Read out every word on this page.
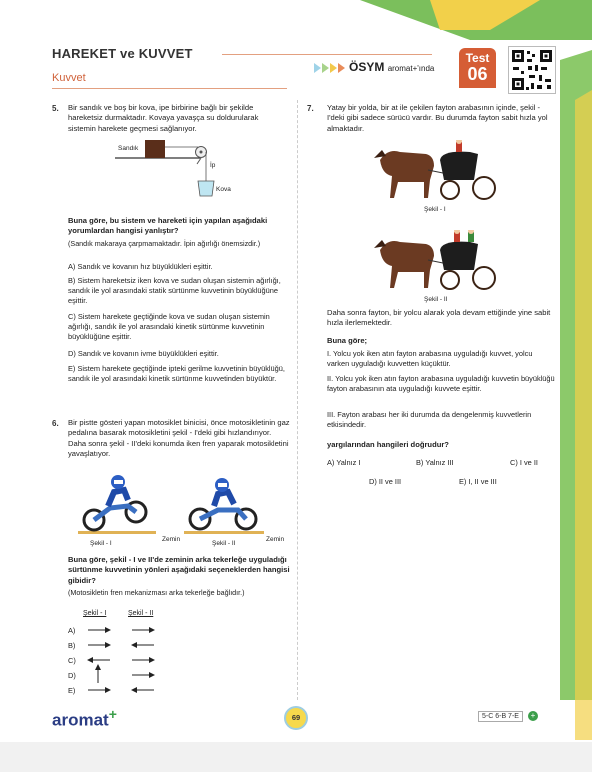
HAREKET ve KUVVET
Kuvvet
ÖSYM aromat+'ında
Test
06
5. Bir sandık ve boş bir kova, ipe birbirine bağlı bir şekilde hareketsiz durmaktadır. Kovaya yavaşça su doldurularak sistemin harekete geçmesi sağlanıyor.
Sandık
İp
Kova
Buna göre, bu sistem ve hareketi için yapılan aşağıdaki yorumlardan hangisi yanlıştır?
(Sandık makaraya çarpmamaktadır. İpin ağırlığı önemsizdir.)
A) Sandık ve kovanın hız büyüklükleri eşittir.
B) Sistem hareketsiz iken kova ve sudan oluşan sistemin ağırlığı, sandık ile yol arasındaki statik sürtünme kuvvetinin büyüklüğüne eşittir.
C) Sistem harekete geçtiğinde kova ve sudan oluşan sistemin ağırlığı, sandık ile yol arasındaki kinetik sürtünme kuvvetinin büyüklüğüne eşittir.
D) Sandık ve kovanın ivme büyüklükleri eşittir.
E) Sistem harekete geçtiğinde ipteki gerilme kuvvetinin büyüklüğü, sandık ile yol arasındaki kinetik sürtünme kuvvetinden büyüktür.
6. Bir pistte gösteri yapan motosiklet binicisi, önce motosikletinin gaz pedalına basarak motosikletini şekil - I'deki gibi hızlandırıyor. Daha sonra şekil - II'deki konumda iken fren yaparak motosikletini yavaşlatıyor.
Şekil - I
Zemin
Şekil - II
Zemin
Buna göre, şekil - I ve II'de zeminin arka tekerleğe uyguladığı sürtünme kuvvetinin yönleri aşağıdaki seçeneklerden hangisi gibidir?
(Motosikletin fren mekanizması arka tekerleğe bağlıdır.)
Şekil - I	Şekil - II
A)
B)
C)
D)
E)
7. Yatay bir yolda, bir at ile çekilen fayton arabasının içinde, şekil - I'deki gibi sadece sürücü vardır. Bu durumda fayton sabit hızla yol almaktadır.
Şekil - I
Şekil - II
Daha sonra fayton, bir yolcu alarak yola devam ettiğinde yine sabit hızla ilerlemektedir.
Buna göre;
I. Yolcu yok iken atın fayton arabasına uyguladığı kuvvet, yolcu varken uyguladığı kuvvetten küçüktür.
II. Yolcu yok iken atın fayton arabasına uyguladığı kuvvetin büyüklüğü fayton arabasının ata uyguladığı kuvvete eşittir.
III. Fayton arabası her iki durumda da dengelenmiş kuvvetlerin etkisindedir.
yargılarından hangileri doğrudur?
A) Yalnız I	B) Yalnız III	C) I ve II
D) II ve III	E) I, II ve III
aromat+	69	5-C 6-B 7-E	+
